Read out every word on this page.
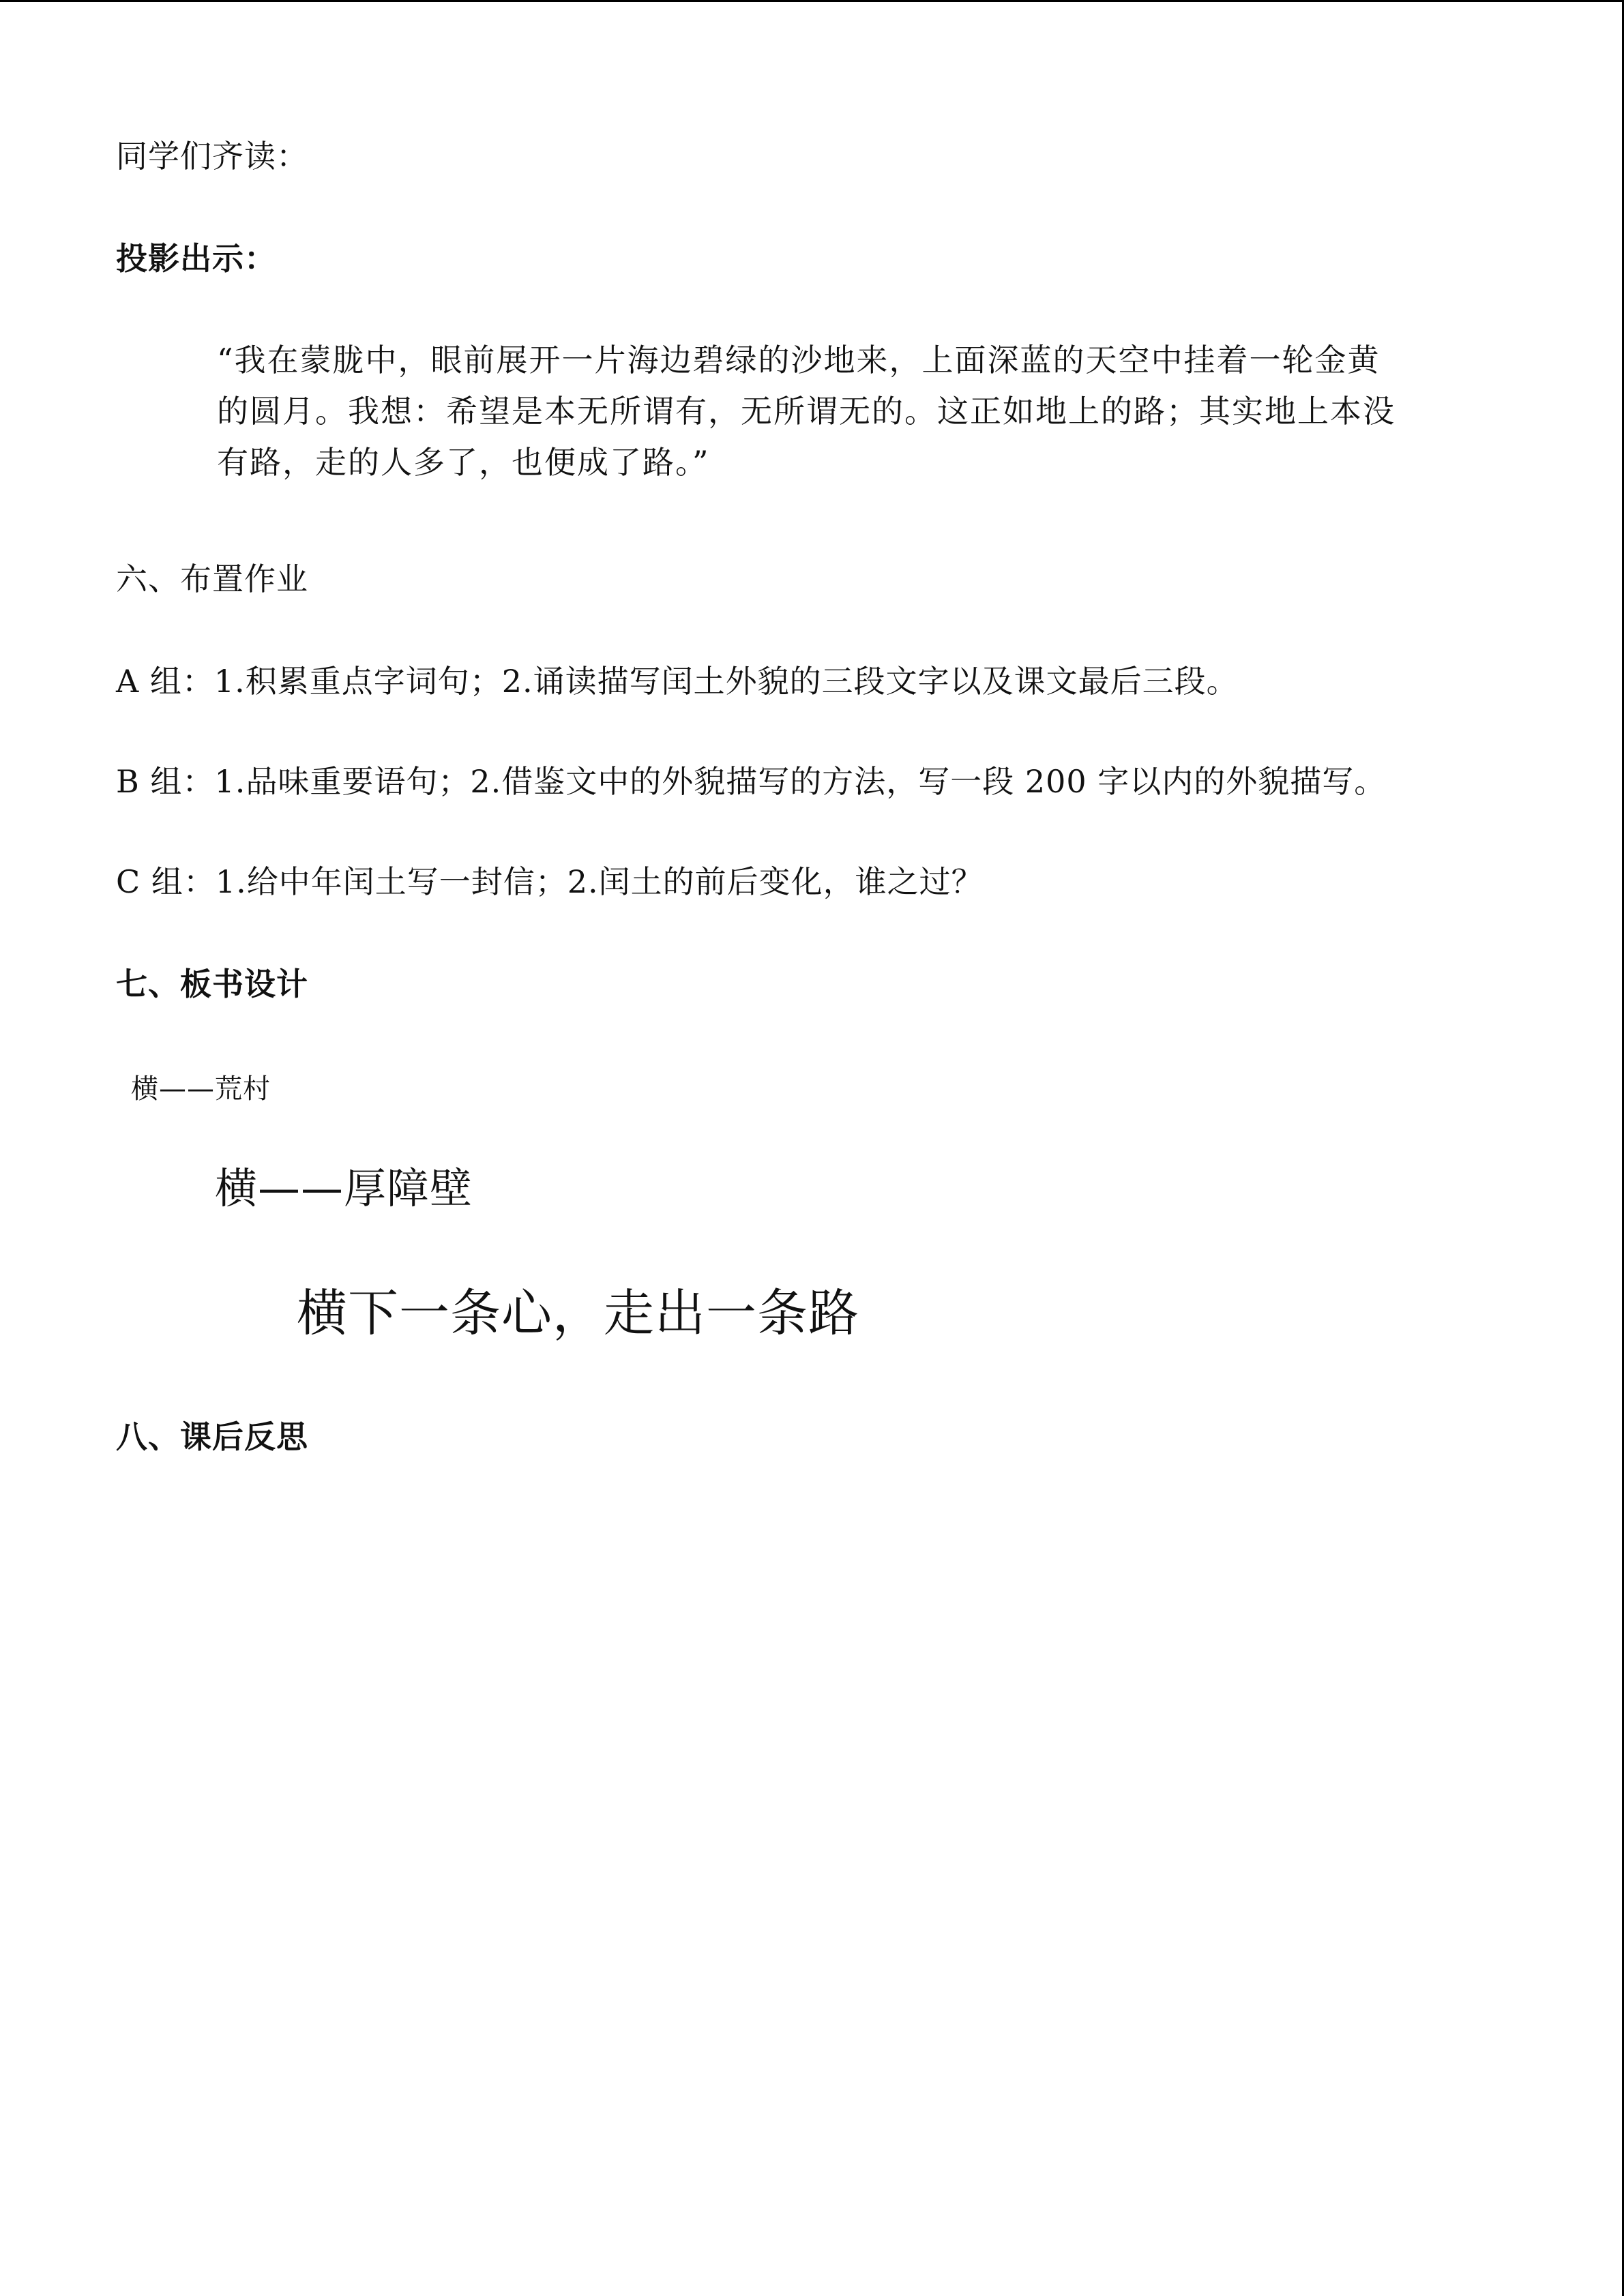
同学们齐读：
投影出示：
“我在蒙胧中，眼前展开一片海边碧绿的沙地来，上面深蓝的天空中挂着一轮金黄的圆月。我想：希望是本无所谓有，无所谓无的。这正如地上的路；其实地上本没有路，走的人多了，也便成了路。”
六、布置作业
A 组：1.积累重点字词句；2.诵读描写闰土外貌的三段文字以及课文最后三段。
B 组：1.品味重要语句；2.借鉴文中的外貌描写的方法，写一段 200 字以内的外貌描写。
C 组：1.给中年闰土写一封信；2.闰土的前后变化，谁之过？
七、板书设计
横——荒村
横——厚障壁
横下一条心，走出一条路
八、课后反思
